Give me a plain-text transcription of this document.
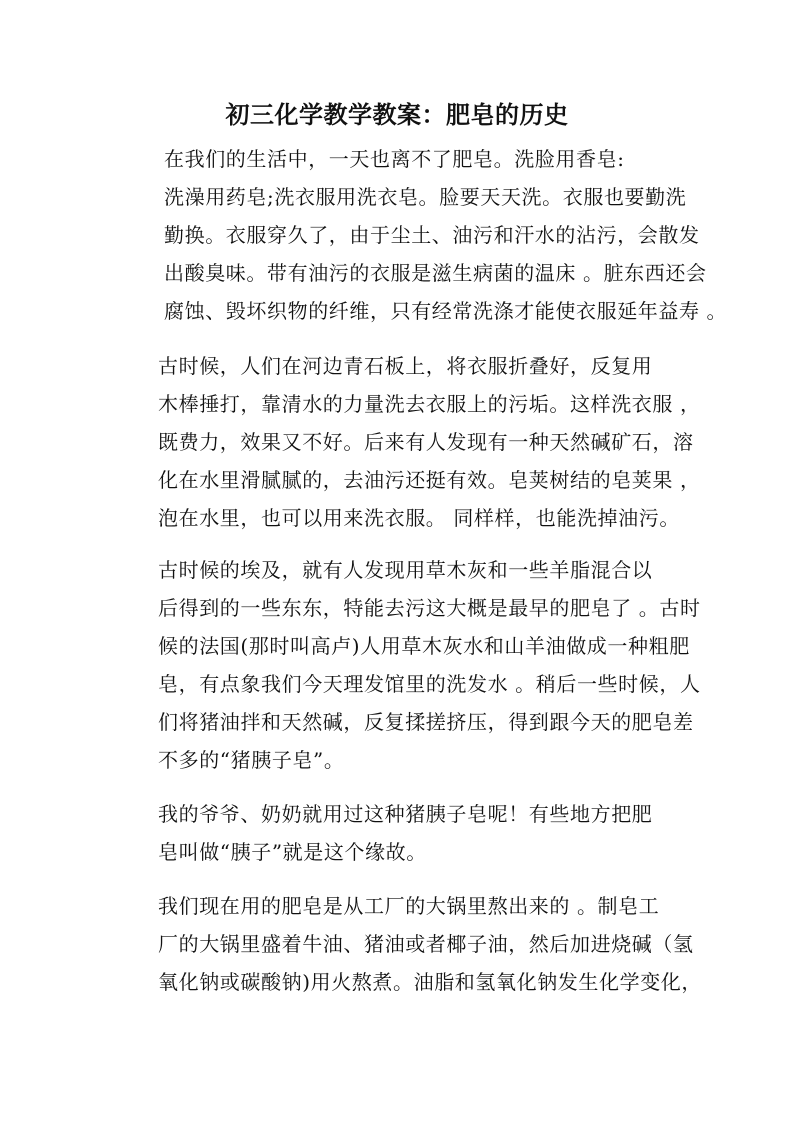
初三化学教学教案：肥皂的历史

在我们的生活中，一天也离不了肥皂。洗脸用香皂:
洗澡用药皂;洗衣服用洗衣皂。脸要天天洗。衣服也要勤洗
勤换。衣服穿久了，由于尘土、油污和汗水的沾污，会散发
出酸臭味。带有油污的衣服是滋生病菌的温床 。脏东西还会
腐蚀、毁坏织物的纤维，只有经常洗涤才能使衣服延年益寿 。

古时候，人们在河边青石板上，将衣服折叠好，反复用
木棒捶打，靠清水的力量洗去衣服上的污垢。这样洗衣服 ，
既费力，效果又不好。后来有人发现有一种天然碱矿石，溶
化在水里滑腻腻的，去油污还挺有效。皂荚树结的皂荚果 ，
泡在水里，也可以用来洗衣服。 同样样，也能洗掉油污。

古时候的埃及，就有人发现用草木灰和一些羊脂混合以
后得到的一些东东，特能去污这大概是最早的肥皂了 。古时
候的法国(那时叫高卢)人用草木灰水和山羊油做成一种粗肥
皂，有点象我们今天理发馆里的洗发水 。稍后一些时候，人
们将猪油拌和天然碱，反复揉搓挤压，得到跟今天的肥皂差
不多的“猪胰子皂”。

我的爷爷、奶奶就用过这种猪胰子皂呢！有些地方把肥
皂叫做“胰子”就是这个缘故。

我们现在用的肥皂是从工厂的大锅里熬出来的 。制皂工
厂的大锅里盛着牛油、猪油或者椰子油，然后加进烧碱（氢
氧化钠或碳酸钠)用火熬煮。油脂和氢氧化钠发生化学变化，
